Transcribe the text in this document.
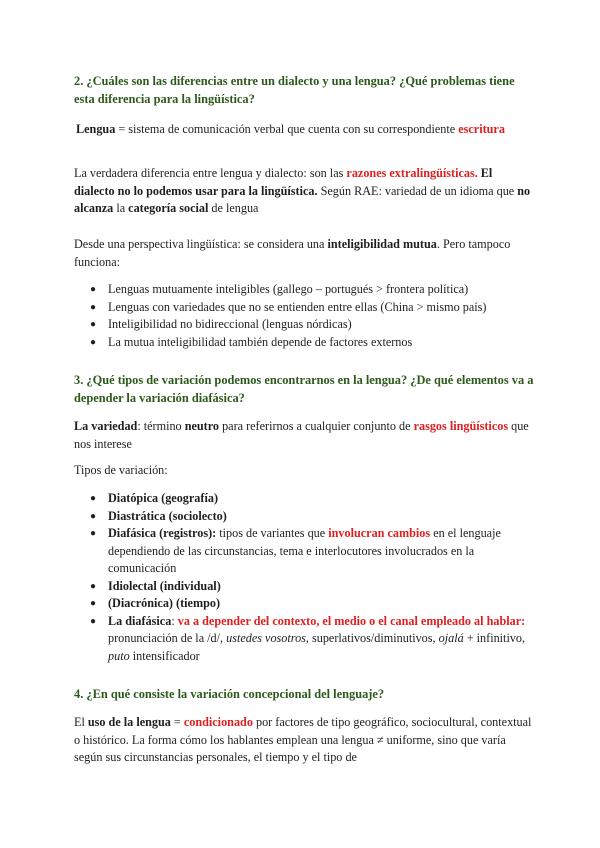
2. ¿Cuáles son las diferencias entre un dialecto y una lengua? ¿Qué problemas tiene esta diferencia para la lingüística?
Lengua = sistema de comunicación verbal que cuenta con su correspondiente escritura
La verdadera diferencia entre lengua y dialecto: son las razones extralingüísticas. El dialecto no lo podemos usar para la lingüística. Según RAE: variedad de un idioma que no alcanza la categoría social de lengua
Desde una perspectiva lingüística: se considera una inteligibilidad mutua. Pero tampoco funciona:
● Lenguas mutuamente inteligibles (gallego – portugués > frontera política)
● Lenguas con variedades que no se entienden entre ellas (China > mismo país)
● Inteligibilidad no bidireccional (lenguas nórdicas)
● La mutua inteligibilidad también depende de factores externos
3. ¿Qué tipos de variación podemos encontrarnos en la lengua? ¿De qué elementos va a depender la variación diafásica?
La variedad: término neutro para referirnos a cualquier conjunto de rasgos lingüísticos que nos interese
Tipos de variación:
● Diatópica (geografía)
● Diastrática (sociolecto)
● Diafásica (registros): tipos de variantes que involucran cambios en el lenguaje dependiendo de las circunstancias, tema e interlocutores involucrados en la comunicación
● Idiolectal (individual)
● (Diacrónica) (tiempo)
● La diafásica: va a depender del contexto, el medio o el canal empleado al hablar: pronunciación de la /d/, ustedes vosotros, superlativos/diminutivos, ojalá + infinitivo, puto intensificador
4. ¿En qué consiste la variación concepcional del lenguaje?
El uso de la lengua = condicionado por factores de tipo geográfico, sociocultural, contextual o histórico. La forma cómo los hablantes emplean una lengua ≠ uniforme, sino que varía según sus circunstancias personales, el tiempo y el tipo de
